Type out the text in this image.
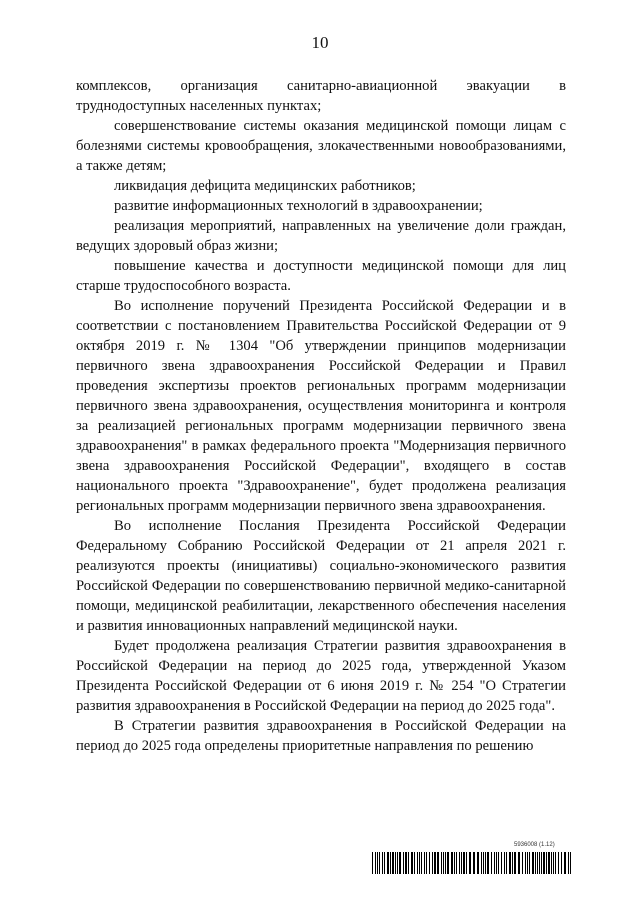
10

комплексов, организация санитарно-авиационной эвакуации в труднодоступных населенных пунктах;

совершенствование системы оказания медицинской помощи лицам с болезнями системы кровообращения, злокачественными новообразованиями, а также детям;

ликвидация дефицита медицинских работников;

развитие информационных технологий в здравоохранении;

реализация мероприятий, направленных на увеличение доли граждан, ведущих здоровый образ жизни;

повышение качества и доступности медицинской помощи для лиц старше трудоспособного возраста.

Во исполнение поручений Президента Российской Федерации и в соответствии с постановлением Правительства Российской Федерации от 9 октября 2019 г. № 1304 "Об утверждении принципов модернизации первичного звена здравоохранения Российской Федерации и Правил проведения экспертизы проектов региональных программ модернизации первичного звена здравоохранения, осуществления мониторинга и контроля за реализацией региональных программ модернизации первичного звена здравоохранения" в рамках федерального проекта "Модернизация первичного звена здравоохранения Российской Федерации", входящего в состав национального проекта "Здравоохранение", будет продолжена реализация региональных программ модернизации первичного звена здравоохранения.

Во исполнение Послания Президента Российской Федерации Федеральному Собранию Российской Федерации от 21 апреля 2021 г. реализуются проекты (инициативы) социально-экономического развития Российской Федерации по совершенствованию первичной медико-санитарной помощи, медицинской реабилитации, лекарственного обеспечения населения и развития инновационных направлений медицинской науки.

Будет продолжена реализация Стратегии развития здравоохранения в Российской Федерации на период до 2025 года, утвержденной Указом Президента Российской Федерации от 6 июня 2019 г. № 254 "О Стратегии развития здравоохранения в Российской Федерации на период до 2025 года".

В Стратегии развития здравоохранения в Российской Федерации на период до 2025 года определены приоритетные направления по решению

5936008 (1.12)
